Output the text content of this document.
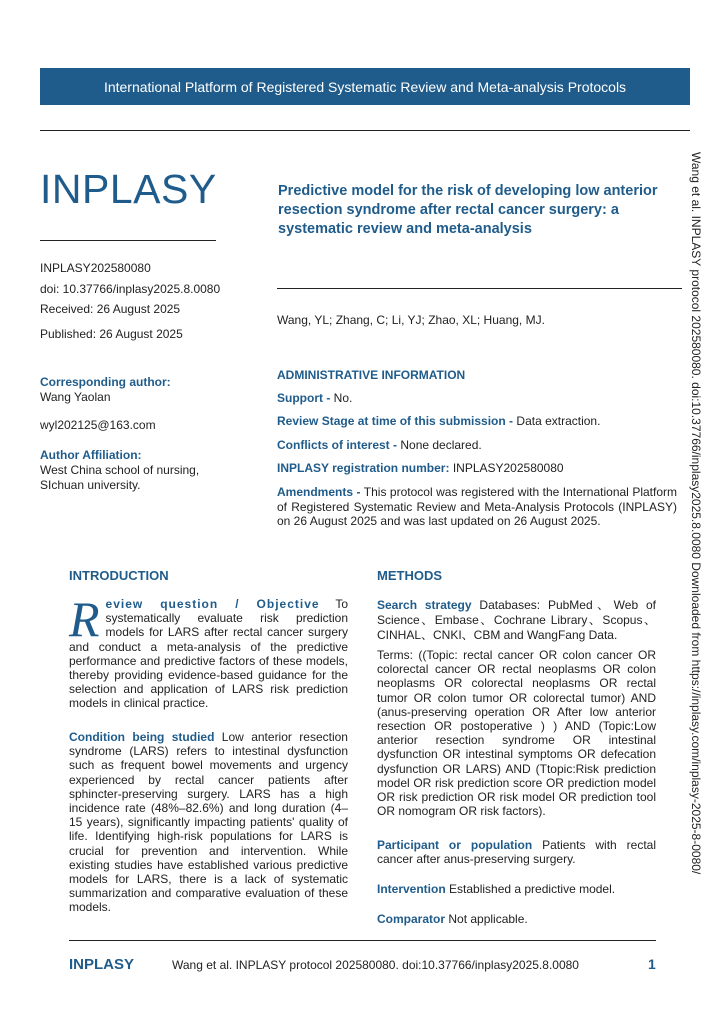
International Platform of Registered Systematic Review and Meta-analysis Protocols
INPLASY
INPLASY202580080
doi: 10.37766/inplasy2025.8.0080
Received: 26 August 2025
Published: 26 August 2025
Corresponding author:
Wang Yaolan
wyl202125@163.com
Author Affiliation:
West China school of nursing,
SIchuan university.
Predictive model for the risk of developing low anterior resection syndrome after rectal cancer surgery: a systematic review and meta-analysis
Wang, YL; Zhang, C; Li, YJ; Zhao, XL; Huang, MJ.
ADMINISTRATIVE INFORMATION
Support - No.
Review Stage at time of this submission - Data extraction.
Conflicts of interest - None declared.
INPLASY registration number: INPLASY202580080
Amendments - This protocol was registered with the International Platform of Registered Systematic Review and Meta-Analysis Protocols (INPLASY) on 26 August 2025 and was last updated on 26 August 2025.
INTRODUCTION
Review question / Objective To systematically evaluate risk prediction models for LARS after rectal cancer surgery and conduct a meta-analysis of the predictive performance and predictive factors of these models, thereby providing evidence-based guidance for the selection and application of LARS risk prediction models in clinical practice.
Condition being studied Low anterior resection syndrome (LARS) refers to intestinal dysfunction such as frequent bowel movements and urgency experienced by rectal cancer patients after sphincter-preserving surgery. LARS has a high incidence rate (48%–82.6%) and long duration (4–15 years), significantly impacting patients' quality of life. Identifying high-risk populations for LARS is crucial for prevention and intervention. While existing studies have established various predictive models for LARS, there is a lack of systematic summarization and comparative evaluation of these models.
METHODS
Search strategy Databases: PubMed、Web of Science、Embase、Cochrane Library、Scopus、CINHAL、CNKI、CBM and WangFang Data.
Terms: ((Topic: rectal cancer OR colon cancer OR colorectal cancer OR rectal neoplasms OR colon neoplasms OR colorectal neoplasms OR rectal tumor OR colon tumor OR colorectal tumor) AND (anus-preserving operation OR After low anterior resection OR postoperative ) ) AND (Topic:Low anterior resection syndrome OR intestinal dysfunction OR intestinal symptoms OR defecation dysfunction OR LARS) AND (Ttopic:Risk prediction model OR risk prediction score OR prediction model OR risk prediction OR risk model OR prediction tool OR nomogram OR risk factors).
Participant or population Patients with rectal cancer after anus-preserving surgery.
Intervention Established a predictive model.
Comparator Not applicable.
Wang et al. INPLASY protocol 202580080. doi:10.37766/inplasy2025.8.0080 Downloaded from https://inplasy.com/inplasy-2025-8-0080/
INPLASY	Wang et al. INPLASY protocol 202580080. doi:10.37766/inplasy2025.8.0080	1
